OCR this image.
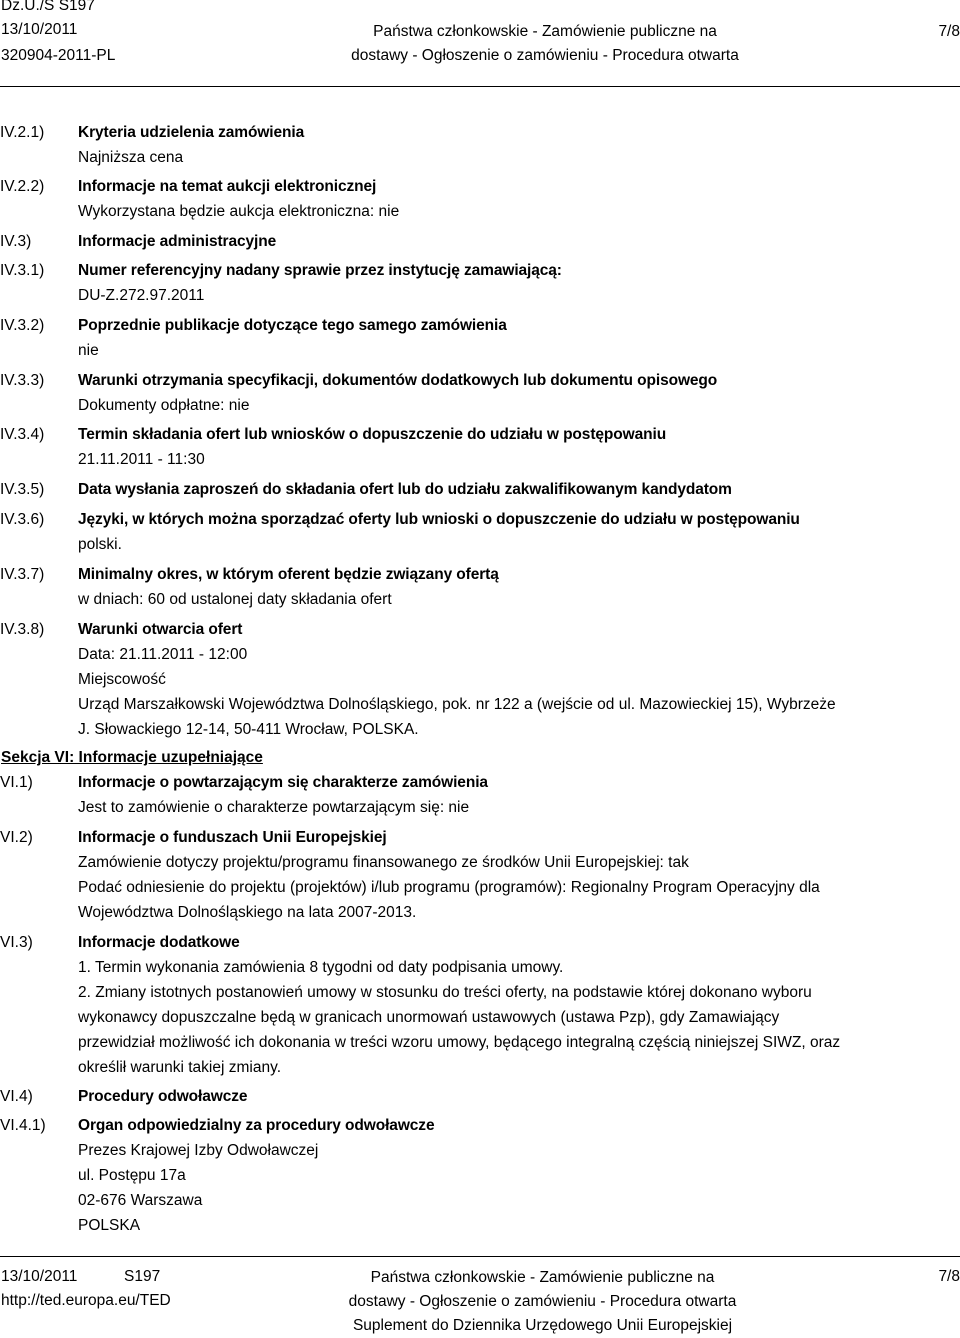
Dz.U./S S197
13/10/2011
320904-2011-PL
Państwa członkowskie - Zamówienie publiczne na
dostawy - Ogłoszenie o zamówieniu - Procedura otwarta
7/8
IV.2.1)	Kryteria udzielenia zamówienia
Najniższa cena
IV.2.2)	Informacje na temat aukcji elektronicznej
Wykorzystana będzie aukcja elektroniczna: nie
IV.3)	Informacje administracyjne
IV.3.1)	Numer referencyjny nadany sprawie przez instytucję zamawiającą:
DU-Z.272.97.2011
IV.3.2)	Poprzednie publikacje dotyczące tego samego zamówienia
nie
IV.3.3)	Warunki otrzymania specyfikacji, dokumentów dodatkowych lub dokumentu opisowego
Dokumenty odpłatne: nie
IV.3.4)	Termin składania ofert lub wniosków o dopuszczenie do udziału w postępowaniu
21.11.2011 - 11:30
IV.3.5)	Data wysłania zaproszeń do składania ofert lub do udziału zakwalifikowanym kandydatom
IV.3.6)	Języki, w których można sporządzać oferty lub wnioski o dopuszczenie do udziału w postępowaniu
polski.
IV.3.7)	Minimalny okres, w którym oferent będzie związany ofertą
w dniach: 60 od ustalonej daty składania ofert
IV.3.8)	Warunki otwarcia ofert
Data: 21.11.2011 - 12:00
Miejscowość
Urząd Marszałkowski Województwa Dolnośląskiego, pok. nr 122 a (wejście od ul. Mazowieckiej 15), Wybrzeże
J. Słowackiego 12-14, 50-411 Wrocław, POLSKA.
Sekcja VI: Informacje uzupełniające
VI.1)	Informacje o powtarzającym się charakterze zamówienia
Jest to zamówienie o charakterze powtarzającym się: nie
VI.2)	Informacje o funduszach Unii Europejskiej
Zamówienie dotyczy projektu/programu finansowanego ze środków Unii Europejskiej: tak
Podać odniesienie do projektu (projektów) i/lub programu (programów): Regionalny Program Operacyjny dla
Województwa Dolnośląskiego na lata 2007-2013.
VI.3)	Informacje dodatkowe
1. Termin wykonania zamówienia 8 tygodni od daty podpisania umowy.
2. Zmiany istotnych postanowień umowy w stosunku do treści oferty, na podstawie której dokonano wyboru
wykonawcy dopuszczalne będą w granicach unormowań ustawowych (ustawa Pzp), gdy Zamawiający
przewidział możliwość ich dokonania w treści wzoru umowy, będącego integralną częścią niniejszej SIWZ, oraz
określił warunki takiej zmiany.
VI.4)	Procedury odwoławcze
VI.4.1)	Organ odpowiedzialny za procedury odwoławcze
Prezes Krajowej Izby Odwoławczej
ul. Postępu 17a
02-676 Warszawa
POLSKA
13/10/2011	S197
http://ted.europa.eu/TED
Państwa członkowskie - Zamówienie publiczne na
dostawy - Ogłoszenie o zamówieniu - Procedura otwarta
Suplement do Dziennika Urzędowego Unii Europejskiej
7/8
